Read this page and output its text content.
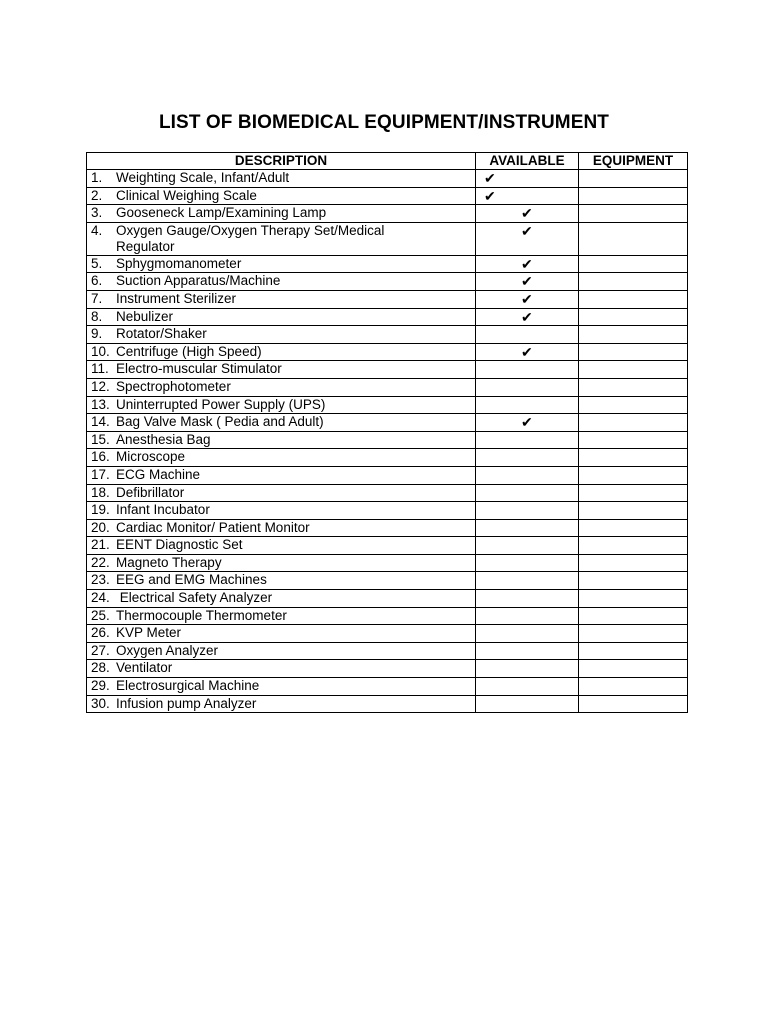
LIST OF BIOMEDICAL EQUIPMENT/INSTRUMENT
DESCRIPTION	AVAILABLE	EQUIPMENT

1. Weighting Scale, Infant/Adult	✔	

2. Clinical Weighing Scale	✔	

3. Gooseneck Lamp/Examining Lamp	✔	

4. Oxygen Gauge/Oxygen Therapy Set/Medical Regulator	✔	

5. Sphygmomanometer	✔	

6. Suction Apparatus/Machine	✔	

7. Instrument Sterilizer	✔	

8. Nebulizer	✔	

9. Rotator/Shaker		

10. Centrifuge (High Speed)	✔	

11. Electro-muscular Stimulator		

12. Spectrophotometer		

13. Uninterrupted Power Supply (UPS)		

14. Bag Valve Mask ( Pedia and Adult)	✔	

15. Anesthesia Bag		

16. Microscope		

17. ECG Machine		

18. Defibrillator		

19. Infant Incubator		

20. Cardiac Monitor/ Patient Monitor		

21. EENT Diagnostic Set		

22. Magneto Therapy		

23. EEG and EMG Machines		

24. Electrical Safety Analyzer		

25. Thermocouple Thermometer		

26. KVP Meter		

27. Oxygen Analyzer		

28. Ventilator		

29. Electrosurgical Machine		

30. Infusion pump Analyzer		
